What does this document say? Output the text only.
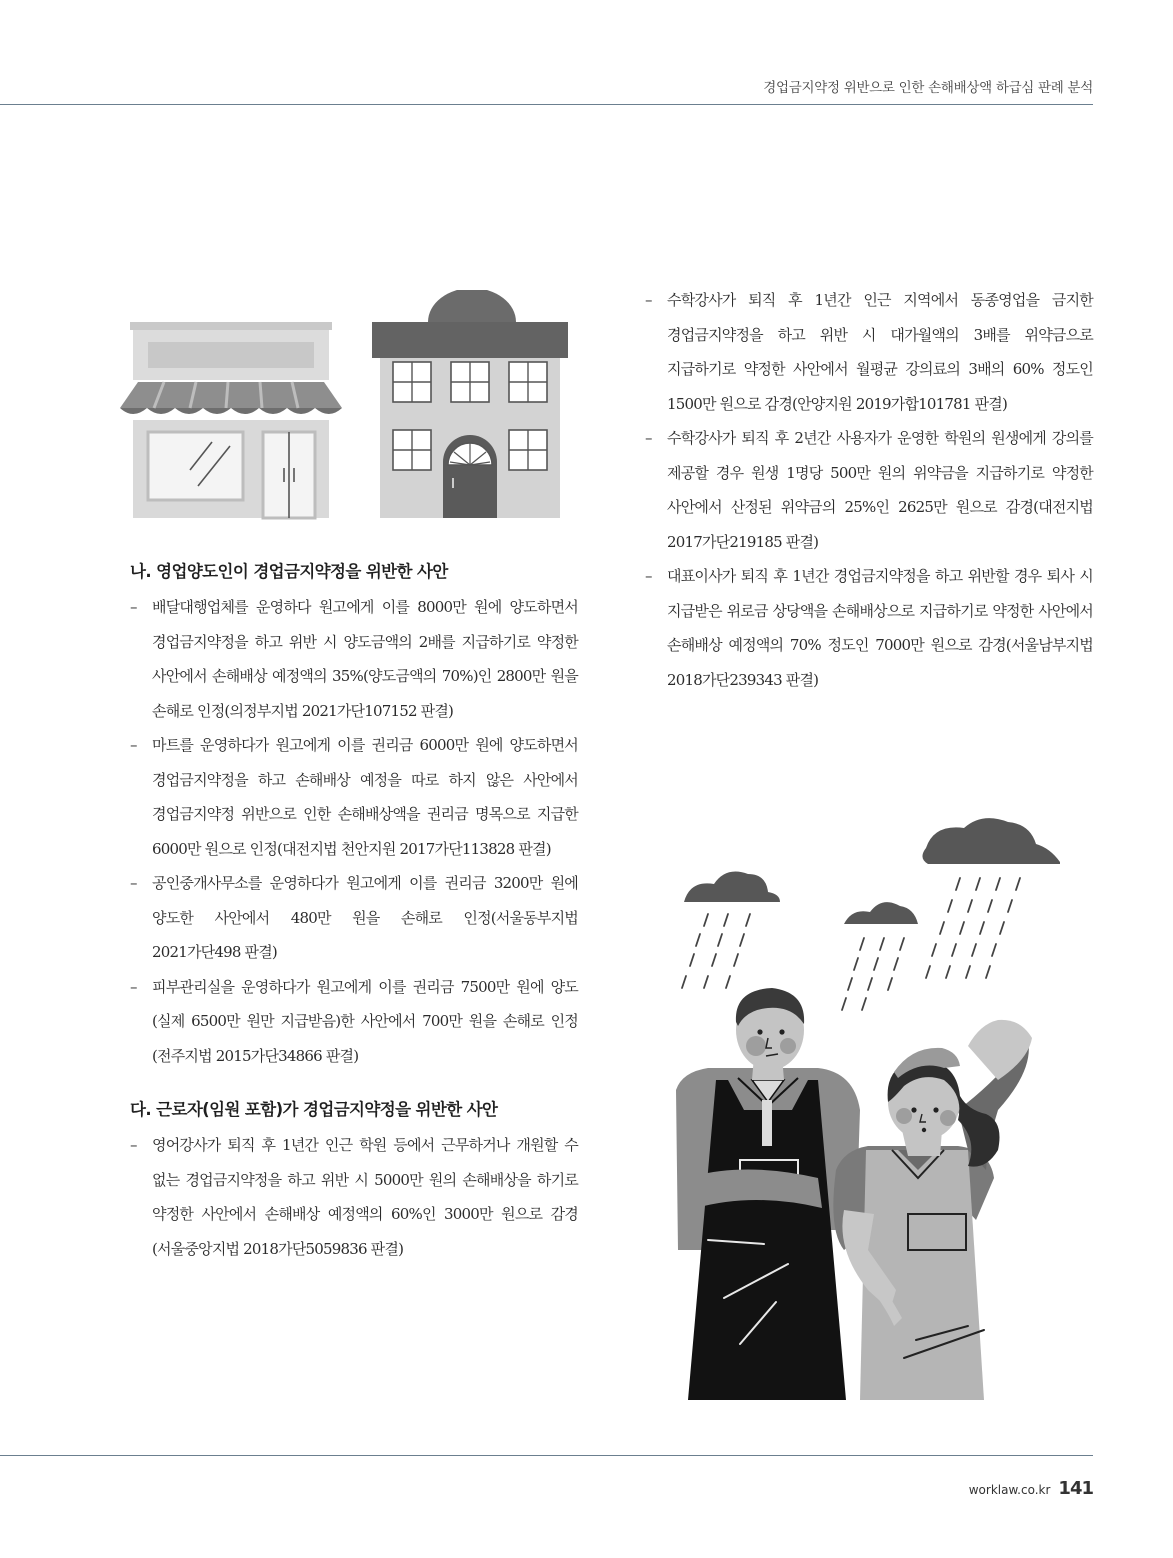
경업금지약정 위반으로 인한 손해배상액 하급심 판례 분석
나. 영업양도인이 경업금지약정을 위반한 사안
– 배달대행업체를 운영하다 원고에게 이를 8000만 원에 양도하면서 경업금지약정을 하고 위반 시 양도금액의 2배를 지급하기로 약정한 사안에서 손해배상 예정액의 35%(양도금액의 70%)인 2800만 원을 손해로 인정(의정부지법 2021가단107152 판결)
– 마트를 운영하다가 원고에게 이를 권리금 6000만 원에 양도하면서 경업금지약정을 하고 손해배상 예정을 따로 하지 않은 사안에서 경업금지약정 위반으로 인한 손해배상액을 권리금 명목으로 지급한 6000만 원으로 인정(대전지법 천안지원 2017가단113828 판결)
– 공인중개사무소를 운영하다가 원고에게 이를 권리금 3200만 원에 양도한 사안에서 480만 원을 손해로 인정(서울동부지법 2021가단498 판결)
– 피부관리실을 운영하다가 원고에게 이를 권리금 7500만 원에 양도(실제 6500만 원만 지급받음)한 사안에서 700만 원을 손해로 인정(전주지법 2015가단34866 판결)
다. 근로자(임원 포함)가 경업금지약정을 위반한 사안
– 영어강사가 퇴직 후 1년간 인근 학원 등에서 근무하거나 개원할 수 없는 경업금지약정을 하고 위반 시 5000만 원의 손해배상을 하기로 약정한 사안에서 손해배상 예정액의 60%인 3000만 원으로 감경(서울중앙지법 2018가단5059836 판결)
– 수학강사가 퇴직 후 1년간 인근 지역에서 동종영업을 금지한 경업금지약정을 하고 위반 시 대가월액의 3배를 위약금으로 지급하기로 약정한 사안에서 월평균 강의료의 3배의 60% 정도인 1500만 원으로 감경(안양지원 2019가합101781 판결)
– 수학강사가 퇴직 후 2년간 사용자가 운영한 학원의 원생에게 강의를 제공할 경우 원생 1명당 500만 원의 위약금을 지급하기로 약정한 사안에서 산정된 위약금의 25%인 2625만 원으로 감경(대전지법 2017가단219185 판결)
– 대표이사가 퇴직 후 1년간 경업금지약정을 하고 위반할 경우 퇴사 시 지급받은 위로금 상당액을 손해배상으로 지급하기로 약정한 사안에서 손해배상 예정액의 70% 정도인 7000만 원으로 감경(서울남부지법 2018가단239343 판결)
worklaw.co.kr 141
